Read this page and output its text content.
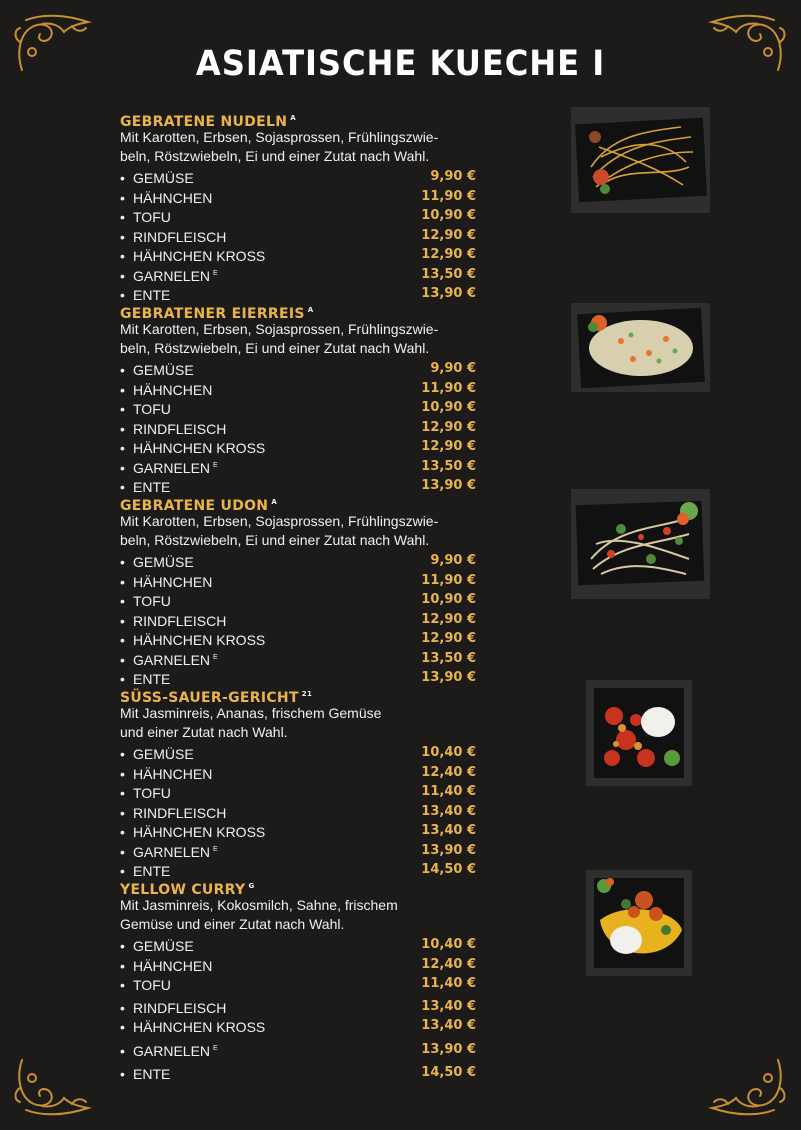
ASIATISCHE KUECHE I
GEBRATENE NUDELN $^A$
Mit Karotten, Erbsen, Sojasprossen, Frühlingszwie-
beln, Röstzwiebeln, Ei und einer Zutat nach Wahl.
• GEMÜSE	9,90 €
• HÄHNCHEN	11,90 €
• TOFU	10,90 €
• RINDFLEISCH	12,90 €
• HÄHNCHEN KROSS	12,90 €
• GARNELEN $^E$	13,50 €
• ENTE	13,90 €
GEBRATENER EIERREIS $^A$
Mit Karotten, Erbsen, Sojasprossen, Frühlingszwie-
beln, Röstzwiebeln, Ei und einer Zutat nach Wahl.
• GEMÜSE	9,90 €
• HÄHNCHEN	11,90 €
• TOFU	10,90 €
• RINDFLEISCH	12,90 €
• HÄHNCHEN KROSS	12,90 €
• GARNELEN $^E$	13,50 €
• ENTE	13,90 €
GEBRATENE UDON $^A$
Mit Karotten, Erbsen, Sojasprossen, Frühlingszwie-
beln, Röstzwiebeln, Ei und einer Zutat nach Wahl.
• GEMÜSE	9,90 €
• HÄHNCHEN	11,90 €
• TOFU	10,90 €
• RINDFLEISCH	12,90 €
• HÄHNCHEN KROSS	12,90 €
• GARNELEN $^E$	13,50 €
• ENTE	13,90 €
SÜSS-SAUER-GERICHT $^{21}$
Mit Jasminreis, Ananas, frischem Gemüse
und einer Zutat nach Wahl.
• GEMÜSE	10,40 €
• HÄHNCHEN	12,40 €
• TOFU	11,40 €
• RINDFLEISCH	13,40 €
• HÄHNCHEN KROSS	13,40 €
• GARNELEN $^E$	13,90 €
• ENTE	14,50 €
YELLOW CURRY $^G$
Mit Jasminreis, Kokosmilch, Sahne, frischem
Gemüse und einer Zutat nach Wahl.
• GEMÜSE	10,40 €
• HÄHNCHEN	12,40 €
• TOFU	11,40 €
• RINDFLEISCH	13,40 €
• HÄHNCHEN KROSS	13,40 €
• GARNELEN $^E$	13,90 €
• ENTE	14,50 €
